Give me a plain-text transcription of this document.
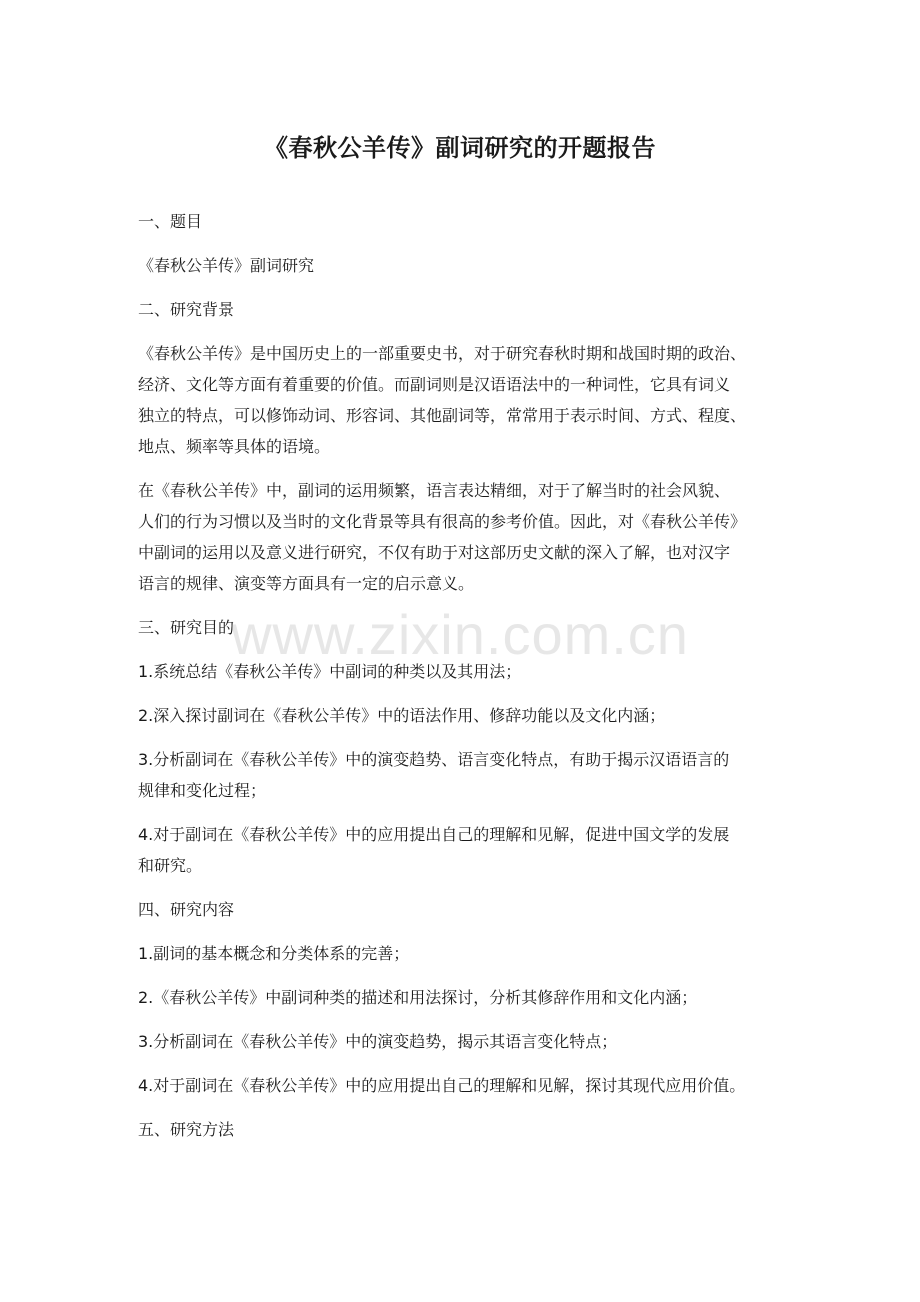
《春秋公羊传》副词研究的开题报告

一、题目

《春秋公羊传》副词研究

二、研究背景

《春秋公羊传》是中国历史上的一部重要史书，对于研究春秋时期和战国时期的政治、
经济、文化等方面有着重要的价值。而副词则是汉语语法中的一种词性，它具有词义
独立的特点，可以修饰动词、形容词、其他副词等，常常用于表示时间、方式、程度、
地点、频率等具体的语境。

在《春秋公羊传》中，副词的运用频繁，语言表达精细，对于了解当时的社会风貌、
人们的行为习惯以及当时的文化背景等具有很高的参考价值。因此，对《春秋公羊传》
中副词的运用以及意义进行研究，不仅有助于对这部历史文献的深入了解，也对汉字
语言的规律、演变等方面具有一定的启示意义。

三、研究目的

1.系统总结《春秋公羊传》中副词的种类以及其用法；

2.深入探讨副词在《春秋公羊传》中的语法作用、修辞功能以及文化内涵；

3.分析副词在《春秋公羊传》中的演变趋势、语言变化特点，有助于揭示汉语语言的
规律和变化过程；

4.对于副词在《春秋公羊传》中的应用提出自己的理解和见解，促进中国文学的发展
和研究。

四、研究内容

1.副词的基本概念和分类体系的完善；

2.《春秋公羊传》中副词种类的描述和用法探讨，分析其修辞作用和文化内涵；

3.分析副词在《春秋公羊传》中的演变趋势，揭示其语言变化特点；

4.对于副词在《春秋公羊传》中的应用提出自己的理解和见解，探讨其现代应用价值。

五、研究方法

www.zixin.com.cn
